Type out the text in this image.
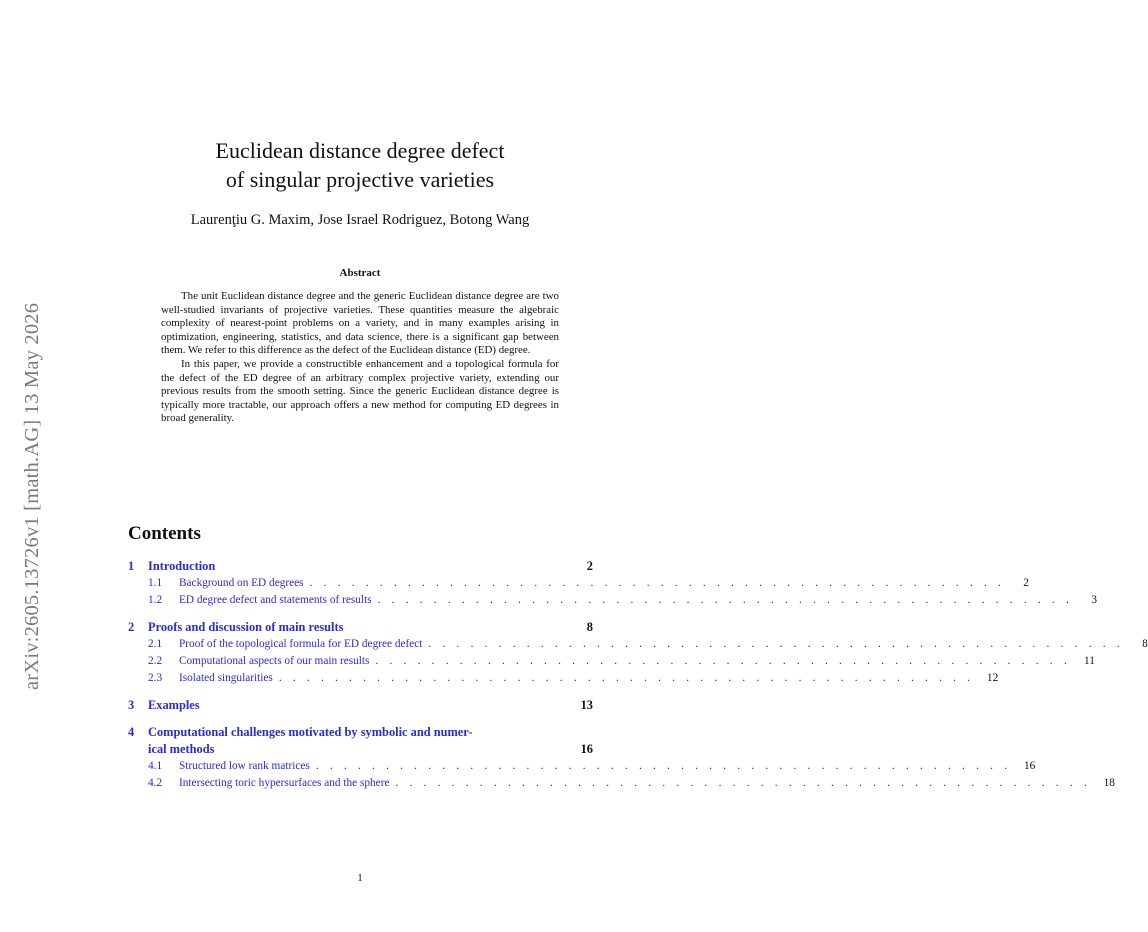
arXiv:2605.13726v1 [math.AG] 13 May 2026
Euclidean distance degree defect
of singular projective varieties
Laurenţiu G. Maxim, Jose Israel Rodriguez, Botong Wang
Abstract

The unit Euclidean distance degree and the generic Euclidean distance degree are two well-studied invariants of projective varieties. These quantities measure the algebraic complexity of nearest-point problems on a variety, and in many examples arising in optimization, engineering, statistics, and data science, there is a significant gap between them. We refer to this difference as the defect of the Euclidean distance (ED) degree.

In this paper, we provide a constructible enhancement and a topological formula for the defect of the ED degree of an arbitrary complex projective variety, extending our previous results from the smooth setting. Since the generic Euclidean distance degree is typically more tractable, our approach offers a new method for computing ED degrees in broad generality.

Contents
1	Introduction	2
1.1	Background on ED degrees . . . . . . . . . . . . . . . . . . . . . . . . . . . . . . . . . . . . . . . . . . . . . . . . . .	2
1.2	ED degree defect and statements of results . . . . . . . . . . . . . . . . . . . . . . . . . . . . . . . . . . . . . . . . . . . . . . . . . .	3
2	Proofs and discussion of main results	8
2.1	Proof of the topological formula for ED degree defect . . . . . . . . . . . . . . . . . . . . . . . . . . . . . . . . . . . . . . . . . . . . . . . . . .	8
2.2	Computational aspects of our main results . . . . . . . . . . . . . . . . . . . . . . . . . . . . . . . . . . . . . . . . . . . . . . . . . .	11
2.3	Isolated singularities . . . . . . . . . . . . . . . . . . . . . . . . . . . . . . . . . . . . . . . . . . . . . . . . . .	12
3	Examples	13
4	Computational challenges motivated by symbolic and numer-
ical methods	16
4.1	Structured low rank matrices . . . . . . . . . . . . . . . . . . . . . . . . . . . . . . . . . . . . . . . . . . . . . . . . . .	16
4.2	Intersecting toric hypersurfaces and the sphere . . . . . . . . . . . . . . . . . . . . . . . . . . . . . . . . . . . . . . . . . . . . . . . . . .	18
1
